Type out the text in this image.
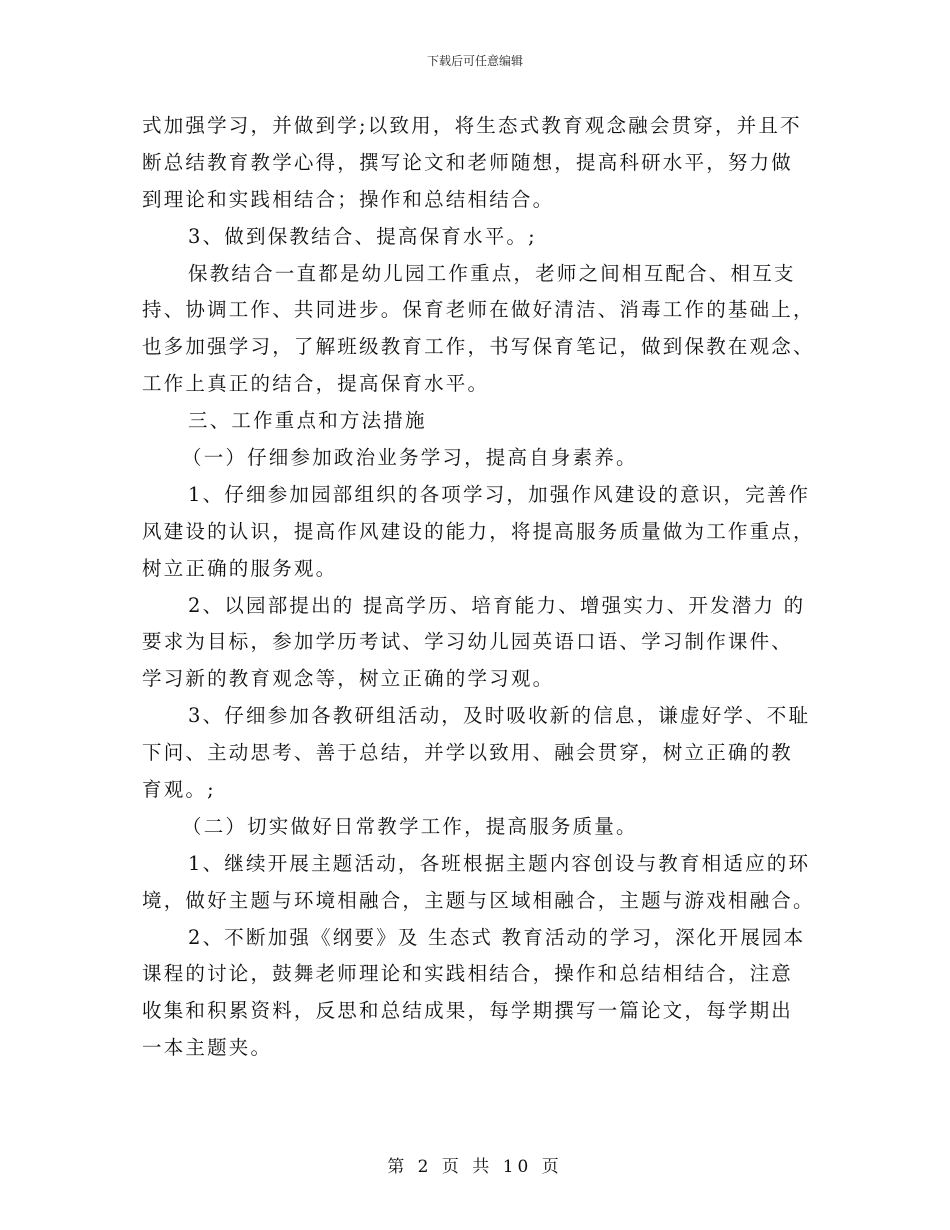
下载后可任意编辑
式加强学习，并做到学;以致用，将生态式教育观念融会贯穿，并且不
断总结教育教学心得，撰写论文和老师随想，提高科研水平，努力做
到理论和实践相结合；操作和总结相结合。
3、做到保教结合、提高保育水平。;
保教结合一直都是幼儿园工作重点，老师之间相互配合、相互支
持、协调工作、共同进步。保育老师在做好清洁、消毒工作的基础上，
也多加强学习，了解班级教育工作，书写保育笔记，做到保教在观念、
工作上真正的结合，提高保育水平。
三、工作重点和方法措施
（一）仔细参加政治业务学习，提高自身素养。
1、仔细参加园部组织的各项学习，加强作风建设的意识，完善作
风建设的认识，提高作风建设的能力，将提高服务质量做为工作重点，
树立正确的服务观。
2、以园部提出的 提高学历、培育能力、增强实力、开发潜力 的
要求为目标，参加学历考试、学习幼儿园英语口语、学习制作课件、
学习新的教育观念等，树立正确的学习观。
3、仔细参加各教研组活动，及时吸收新的信息，谦虚好学、不耻
下问、主动思考、善于总结，并学以致用、融会贯穿，树立正确的教
育观。;
（二）切实做好日常教学工作，提高服务质量。
1、继续开展主题活动，各班根据主题内容创设与教育相适应的环
境，做好主题与环境相融合，主题与区域相融合，主题与游戏相融合。
2、不断加强《纲要》及 生态式 教育活动的学习，深化开展园本
课程的讨论，鼓舞老师理论和实践相结合，操作和总结相结合，注意
收集和积累资料，反思和总结成果，每学期撰写一篇论文，每学期出
一本主题夹。
第 2 页 共 10 页
